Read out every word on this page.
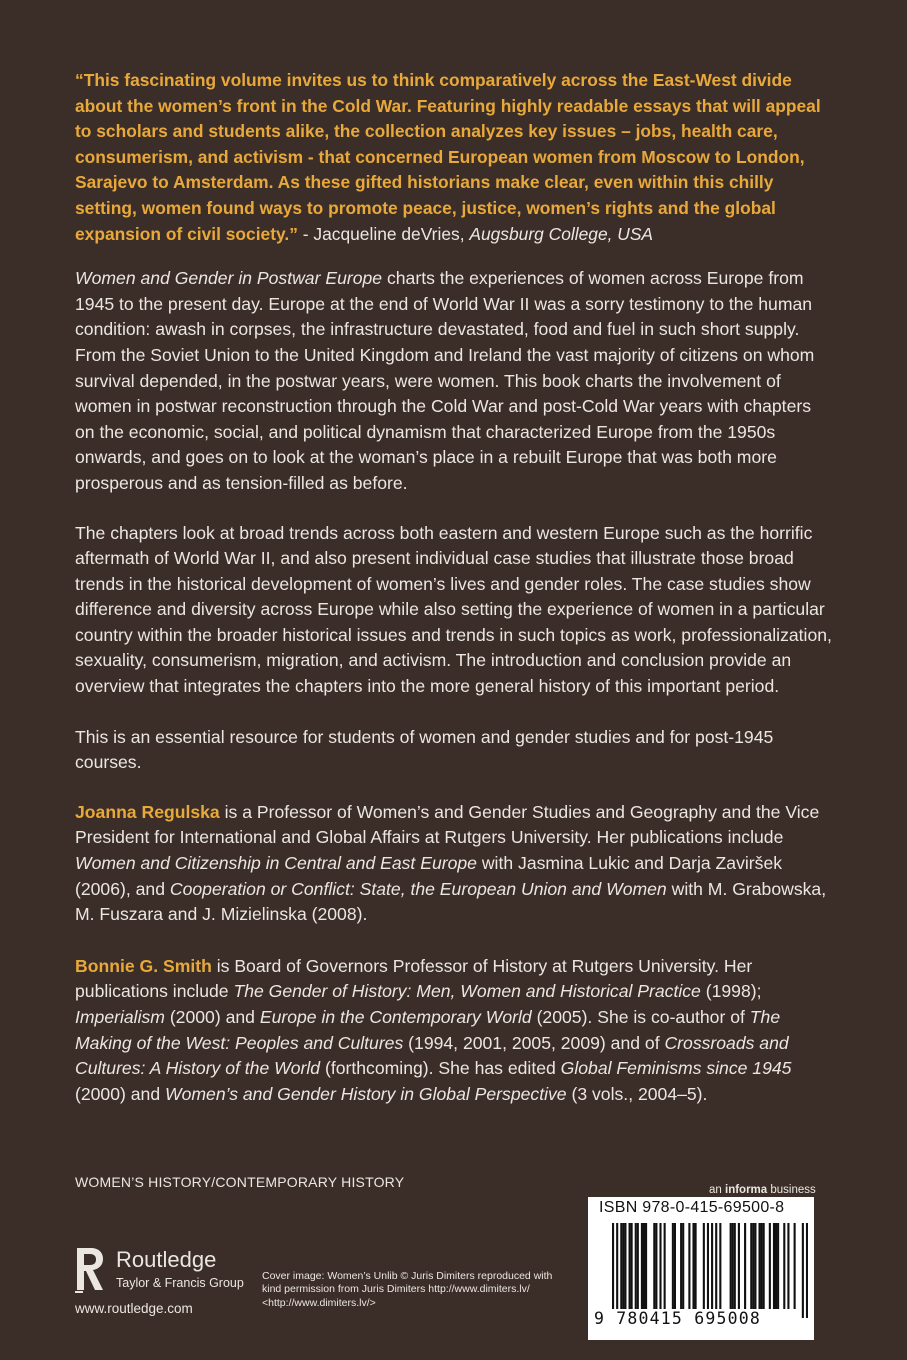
“This fascinating volume invites us to think comparatively across the East-West divide about the women’s front in the Cold War. Featuring highly readable essays that will appeal to scholars and students alike, the collection analyzes key issues – jobs, health care, consumerism, and activism - that concerned European women from Moscow to London, Sarajevo to Amsterdam. As these gifted historians make clear, even within this chilly setting, women found ways to promote peace, justice, women’s rights and the global expansion of civil society.” - Jacqueline deVries, Augsburg College, USA

Women and Gender in Postwar Europe charts the experiences of women across Europe from 1945 to the present day. Europe at the end of World War II was a sorry testimony to the human condition: awash in corpses, the infrastructure devastated, food and fuel in such short supply. From the Soviet Union to the United Kingdom and Ireland the vast majority of citizens on whom survival depended, in the postwar years, were women. This book charts the involvement of women in postwar reconstruction through the Cold War and post-Cold War years with chapters on the economic, social, and political dynamism that characterized Europe from the 1950s onwards, and goes on to look at the woman’s place in a rebuilt Europe that was both more prosperous and as tension-filled as before.

The chapters look at broad trends across both eastern and western Europe such as the horrific aftermath of World War II, and also present individual case studies that illustrate those broad trends in the historical development of women’s lives and gender roles. The case studies show difference and diversity across Europe while also setting the experience of women in a particular country within the broader historical issues and trends in such topics as work, professionalization, sexuality, consumerism, migration, and activism. The introduction and conclusion provide an overview that integrates the chapters into the more general history of this important period.

This is an essential resource for students of women and gender studies and for post-1945 courses.

Joanna Regulska is a Professor of Women’s and Gender Studies and Geography and the Vice President for International and Global Affairs at Rutgers University. Her publications include Women and Citizenship in Central and East Europe with Jasmina Lukic and Darja Zaviršek (2006), and Cooperation or Conflict: State, the European Union and Women with M. Grabowska, M. Fuszara and J. Mizielinska (2008).

Bonnie G. Smith is Board of Governors Professor of History at Rutgers University. Her publications include The Gender of History: Men, Women and Historical Practice (1998); Imperialism (2000) and Europe in the Contemporary World (2005). She is co-author of The Making of the West: Peoples and Cultures (1994, 2001, 2005, 2009) and of Crossroads and Cultures: A History of the World (forthcoming). She has edited Global Feminisms since 1945 (2000) and Women’s and Gender History in Global Perspective (3 vols., 2004–5).

WOMEN’S HISTORY/CONTEMPORARY HISTORY	an informa business
ISBN 978-0-415-69500-8
9 780415 695008
Routledge
Taylor & Francis Group
www.routledge.com
Cover image: Women’s Unlib © Juris Dimiters reproduced with kind permission from Juris Dimiters http://www.dimiters.lv/ <http://www.dimiters.lv/>
